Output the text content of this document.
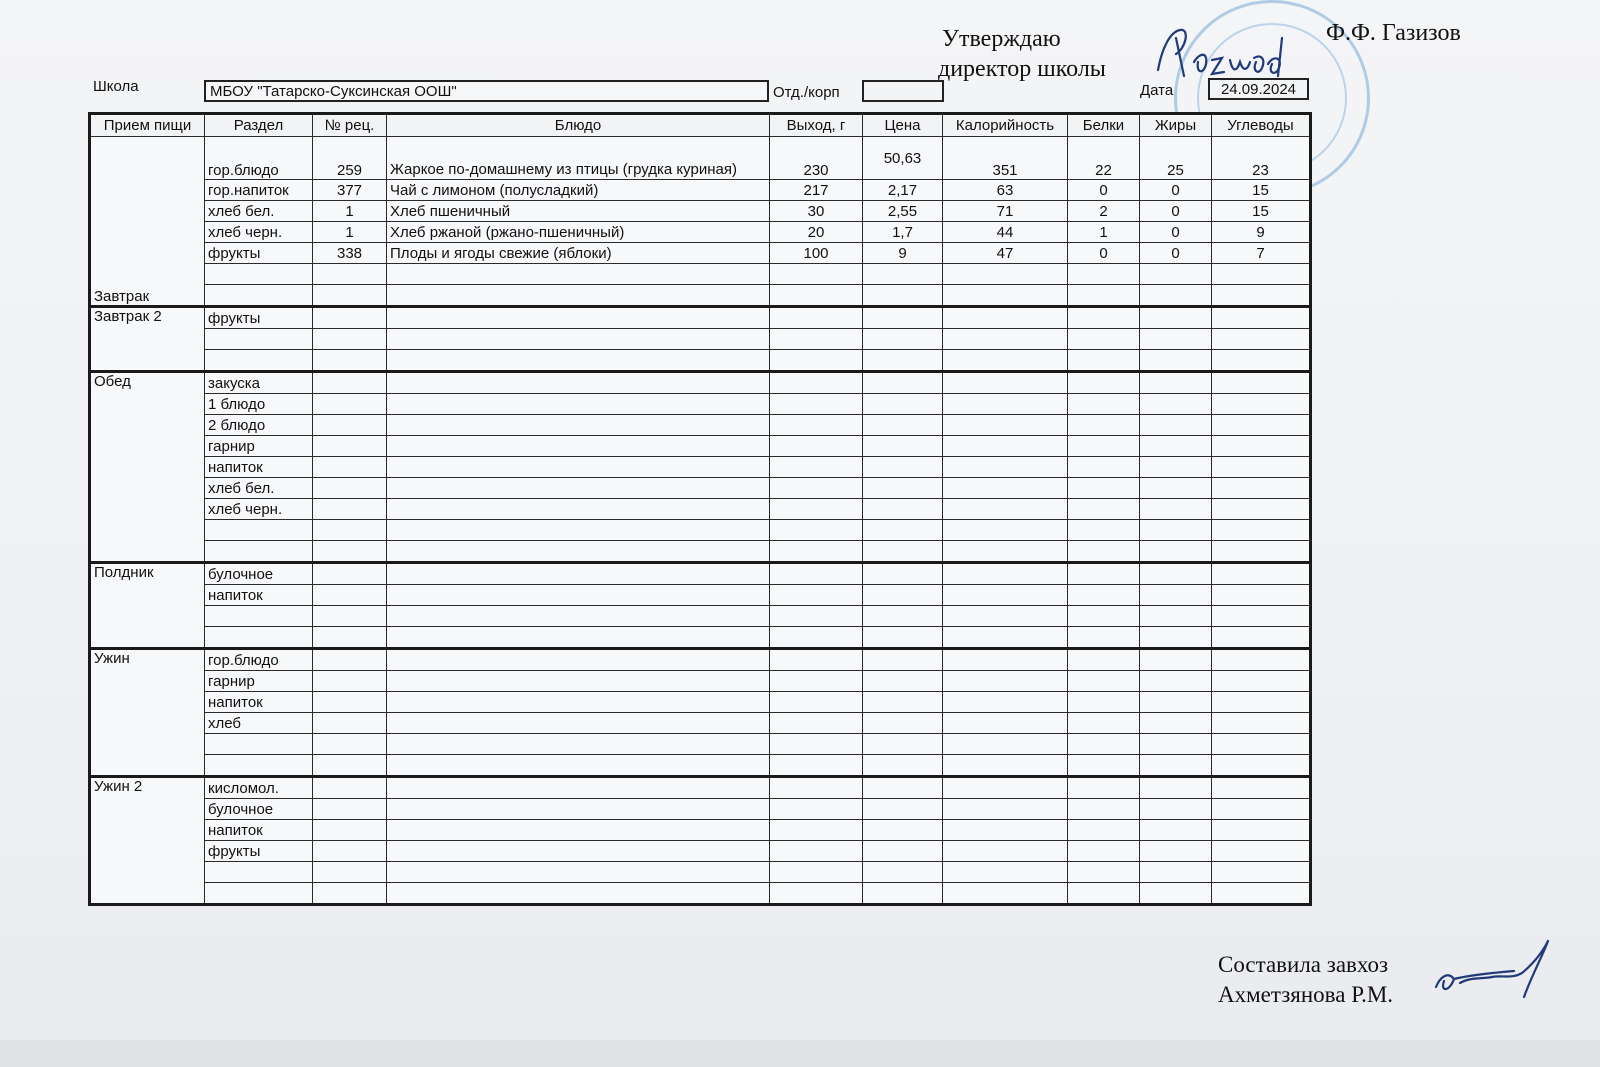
Утверждаю
директор школы
Ф.Ф. Газизов
Школа	МБОУ "Татарско-Суксинская ООШ"	Отд./корп	Дата	24.09.2024
Прием пищи	Раздел	№ рец.	Блюдо	Выход, г	Цена	Калорийность	Белки	Жиры	Углеводы
Завтрак	гор.блюдо	259	Жаркое по-домашнему из птицы (грудка куриная)	230	50,63	351	22	25	23
	гор.напиток	377	Чай с лимоном (полусладкий)	217	2,17	63	0	0	15
	хлеб бел.	1	Хлеб пшеничный	30	2,55	71	2	0	15
	хлеб черн.	1	Хлеб ржаной (ржано-пшеничный)	20	1,7	44	1	0	9
	фрукты	338	Плоды и ягоды свежие (яблоки)	100	9	47	0	0	7

Завтрак 2	фрукты								

Обед	закуска								
	1 блюдо								
	2 блюдо								
	гарнир								
	напиток								
	хлеб бел.								
	хлеб черн.								

Полдник	булочное								
	напиток								

Ужин	гор.блюдо								
	гарнир								
	напиток								
	хлеб								

Ужин 2	кисломол.								
	булочное								
	напиток								
	фрукты								

Составила завхоз
Ахметзянова Р.М.
